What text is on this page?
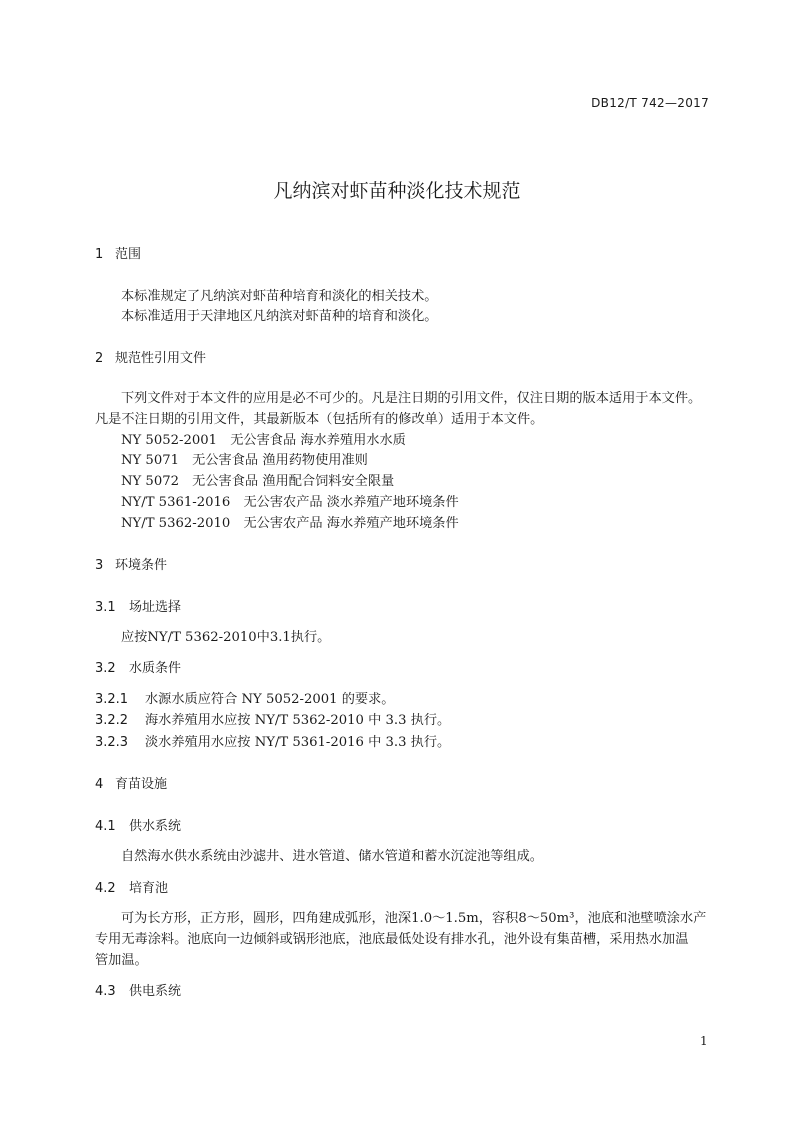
DB12/T 742—2017
凡纳滨对虾苗种淡化技术规范
1 范围
本标准规定了凡纳滨对虾苗种培育和淡化的相关技术。
本标准适用于天津地区凡纳滨对虾苗种的培育和淡化。
2 规范性引用文件
下列文件对于本文件的应用是必不可少的。凡是注日期的引用文件，仅注日期的版本适用于本文件。
凡是不注日期的引用文件，其最新版本（包括所有的修改单）适用于本文件。
NY 5052-2001　无公害食品 海水养殖用水水质
NY 5071　无公害食品 渔用药物使用准则
NY 5072　无公害食品 渔用配合饲料安全限量
NY/T 5361-2016　无公害农产品 淡水养殖产地环境条件
NY/T 5362-2010　无公害农产品 海水养殖产地环境条件
3 环境条件
3.1 场址选择
应按NY/T 5362-2010中3.1执行。
3.2 水质条件
3.2.1 水源水质应符合 NY 5052-2001 的要求。
3.2.2 海水养殖用水应按 NY/T 5362-2010 中 3.3 执行。
3.2.3 淡水养殖用水应按 NY/T 5361-2016 中 3.3 执行。
4 育苗设施
4.1 供水系统
自然海水供水系统由沙滤井、进水管道、储水管道和蓄水沉淀池等组成。
4.2 培育池
可为长方形，正方形，圆形，四角建成弧形，池深1.0～1.5m，容积8～50m³，池底和池壁喷涂水产
专用无毒涂料。池底向一边倾斜或锅形池底，池底最低处设有排水孔，池外设有集苗槽，采用热水加温
管加温。
4.3 供电系统
1
